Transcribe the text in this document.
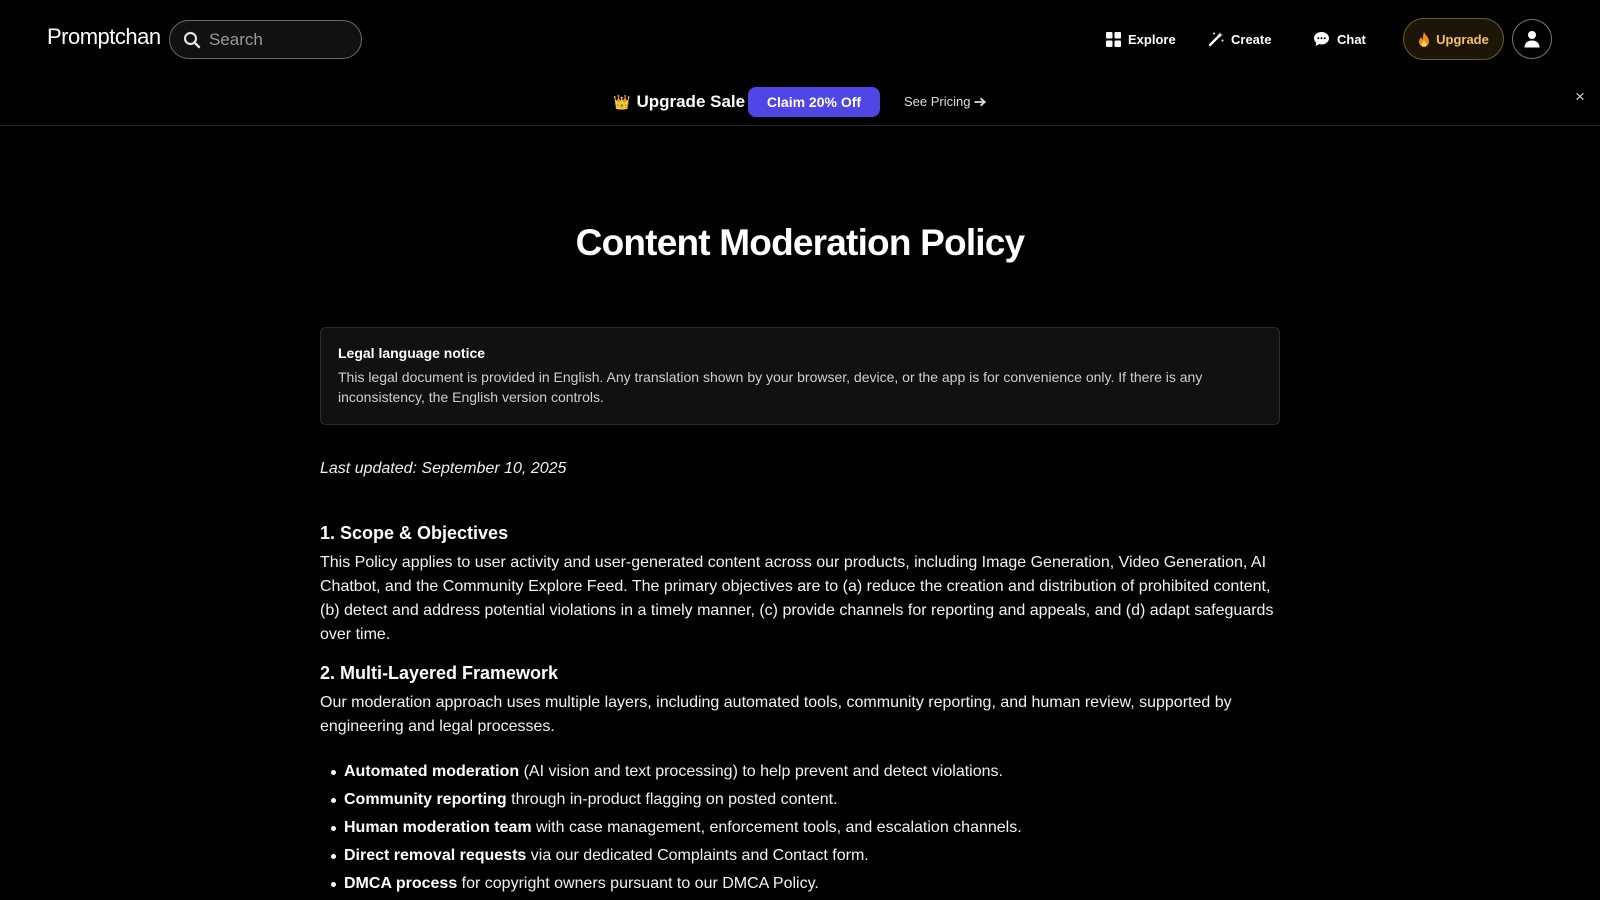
Promptchan
Search	Explore	Create	Chat	Upgrade
👑 Upgrade Sale	Claim 20% Off	See Pricing	×
Content Moderation Policy
Legal language notice

This legal document is provided in English. Any translation shown by your browser, device, or the app is for convenience only. If there is any inconsistency, the English version controls.

Last updated: September 10, 2025
1. Scope & Objectives

This Policy applies to user activity and user-generated content across our products, including Image Generation, Video Generation, AI Chatbot, and the Community Explore Feed. The primary objectives are to (a) reduce the creation and distribution of prohibited content, (b) detect and address potential violations in a timely manner, (c) provide channels for reporting and appeals, and (d) adapt safeguards over time.

2. Multi-Layered Framework

Our moderation approach uses multiple layers, including automated tools, community reporting, and human review, supported by engineering and legal processes.

Automated moderation (AI vision and text processing) to help prevent and detect violations.
Community reporting through in-product flagging on posted content.
Human moderation team with case management, enforcement tools, and escalation channels.
Direct removal requests via our dedicated Complaints and Contact form.
DMCA process for copyright owners pursuant to our DMCA Policy.
